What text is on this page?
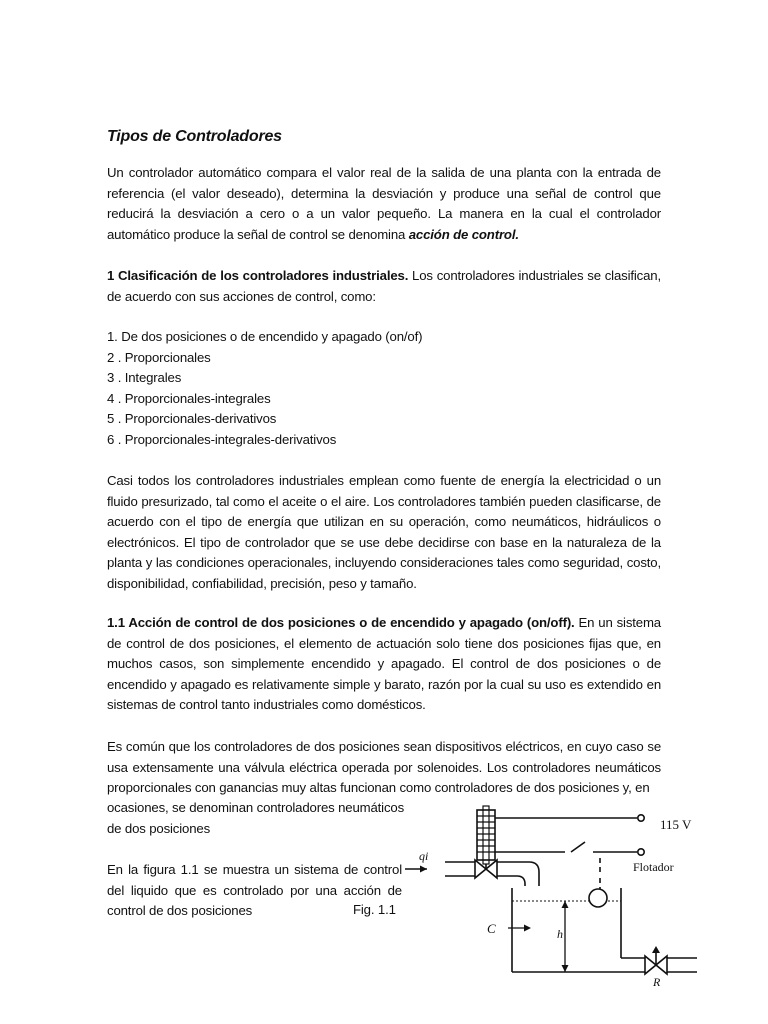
Tipos de Controladores
Un controlador automático compara el valor real de la salida de una planta con la entrada de referencia (el valor deseado), determina la desviación y produce una señal de control que reducirá la desviación a cero o a un valor pequeño. La manera en la cual el controlador automático produce la señal de control se denomina acción de control.
1 Clasificación de los controladores industriales. Los controladores industriales se clasifican, de acuerdo con sus acciones de control, como:
1. De dos posiciones o de encendido y apagado (on/of)
2 . Proporcionales
3 . Integrales
4 . Proporcionales-integrales
5 . Proporcionales-derivativos
6 . Proporcionales-integrales-derivativos
Casi todos los controladores industriales emplean como fuente de energía la electricidad o un fluido presurizado, tal como el aceite o el aire. Los controladores también pueden clasificarse, de acuerdo con el tipo de energía que utilizan en su operación, como neumáticos, hidráulicos o electrónicos. El tipo de controlador que se use debe decidirse con base en la naturaleza de la planta y las condiciones operacionales, incluyendo consideraciones tales como seguridad, costo, disponibilidad, confiabilidad, precisión, peso y tamaño.
1.1 Acción de control de dos posiciones o de encendido y apagado (on/off). En un sistema de control de dos posiciones, el elemento de actuación solo tiene dos posiciones fijas que, en muchos casos, son simplemente encendido y apagado. El control de dos posiciones o de encendido y apagado es relativamente simple y barato, razón por la cual su uso es extendido en sistemas de control tanto industriales como domésticos.
Es común que los controladores de dos posiciones sean dispositivos eléctricos, en cuyo caso se usa extensamente una válvula eléctrica operada por solenoides. Los controladores neumáticos proporcionales con ganancias muy altas funcionan como controladores de dos posiciones y, en
ocasiones, se denominan controladores neumáticos
de dos posiciones
En la figura 1.1 se muestra un sistema de control del liquido que es controlado por una acción de control de dos posiciones	Fig. 1.1
115 V
qi
Flotador
C	h
R
